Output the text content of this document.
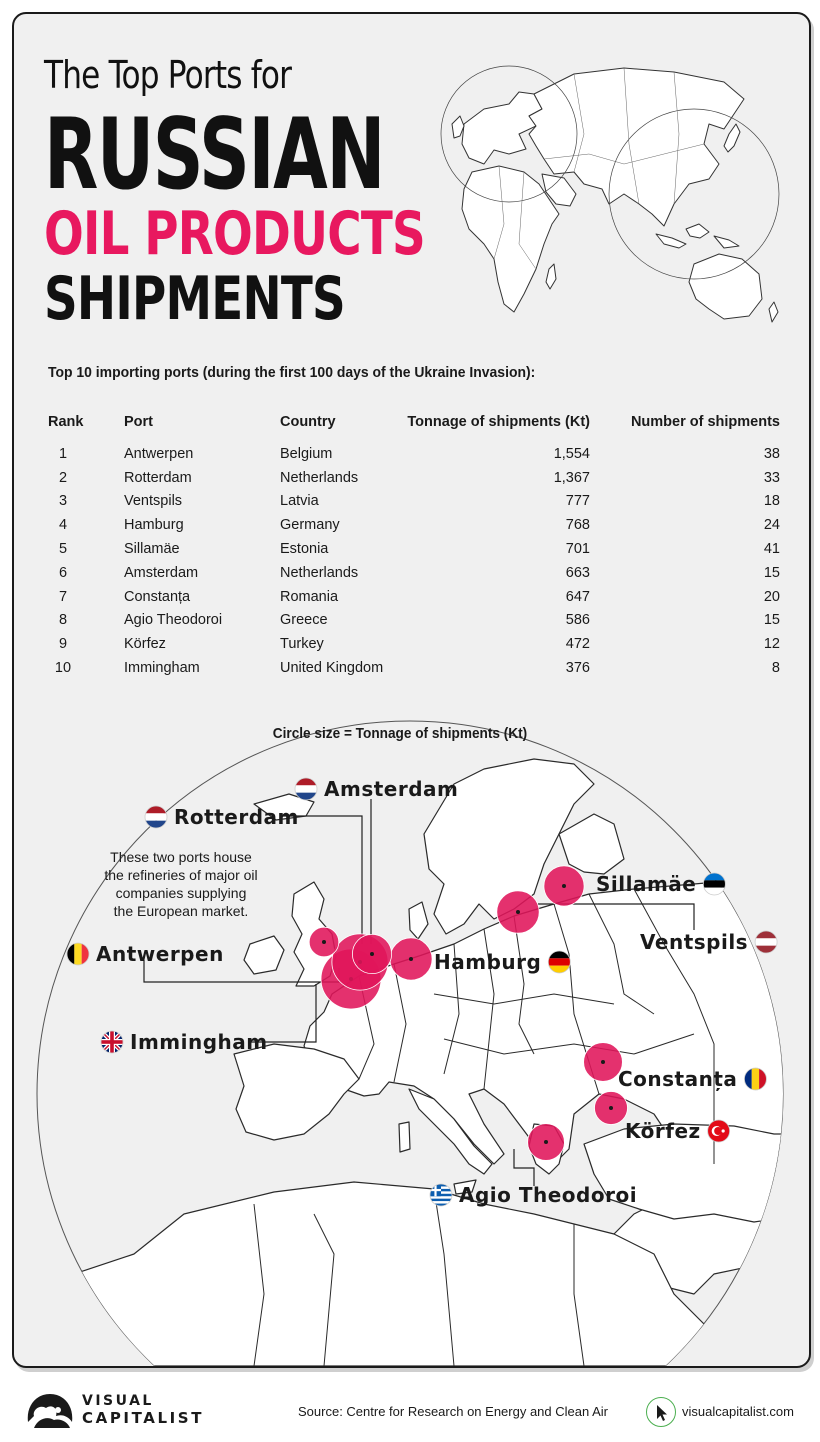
The Top Ports for
RUSSIAN
OIL PRODUCTS
SHIPMENTS
Top 10 importing ports (during the first 100 days of the Ukraine Invasion):
Rank	Port	Country	Tonnage of shipments (Kt)	Number of shipments
1	Antwerpen	Belgium	1,554	38
2	Rotterdam	Netherlands	1,367	33
3	Ventspils	Latvia	777	18
4	Hamburg	Germany	768	24
5	Sillamäe	Estonia	701	41
6	Amsterdam	Netherlands	663	15
7	Constanța	Romania	647	20
8	Agio Theodoroi	Greece	586	15
9	Körfez	Turkey	472	12
10	Immingham	United Kingdom	376	8
Circle size = Tonnage of shipments (Kt)
These two ports house
the refineries of major oil
companies supplying
the European market.
Amsterdam
Rotterdam
Antwerpen
Immingham
Hamburg
Sillamäe
Ventspils
Constanța
Körfez
Agio Theodoroi
VISUAL
CAPITALIST	Source: Centre for Research on Energy and Clean Air	visualcapitalist.com
